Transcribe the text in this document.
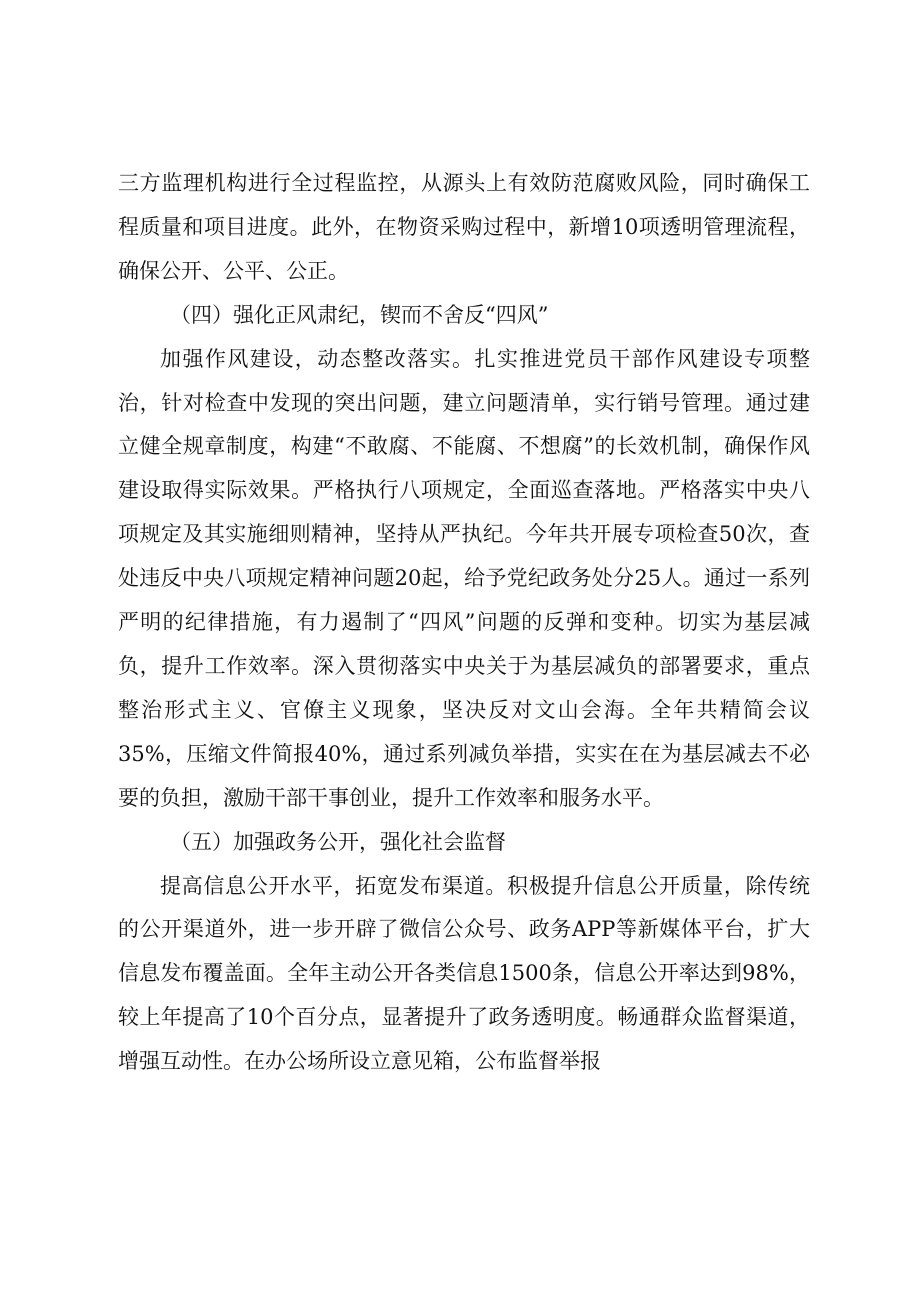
三方监理机构进行全过程监控，从源头上有效防范腐败风险，同时确保工程质量和项目进度。此外，在物资采购过程中，新增10项透明管理流程，确保公开、公平、公正。

（四）强化正风肃纪，锲而不舍反“四风”

加强作风建设，动态整改落实。扎实推进党员干部作风建设专项整治，针对检查中发现的突出问题，建立问题清单，实行销号管理。通过建立健全规章制度，构建“不敢腐、不能腐、不想腐”的长效机制，确保作风建设取得实际效果。严格执行八项规定，全面巡查落地。严格落实中央八项规定及其实施细则精神，坚持从严执纪。今年共开展专项检查50次，查处违反中央八项规定精神问题20起，给予党纪政务处分25人。通过一系列严明的纪律措施，有力遏制了“四风”问题的反弹和变种。切实为基层减负，提升工作效率。深入贯彻落实中央关于为基层减负的部署要求，重点整治形式主义、官僚主义现象，坚决反对文山会海。全年共精简会议35%，压缩文件简报40%，通过系列减负举措，实实在在为基层减去不必要的负担，激励干部干事创业，提升工作效率和服务水平。

（五）加强政务公开，强化社会监督

提高信息公开水平，拓宽发布渠道。积极提升信息公开质量，除传统的公开渠道外，进一步开辟了微信公众号、政务APP等新媒体平台，扩大信息发布覆盖面。全年主动公开各类信息1500条，信息公开率达到98%，较上年提高了10个百分点，显著提升了政务透明度。畅通群众监督渠道，增强互动性。在办公场所设立意见箱，公布监督举报
